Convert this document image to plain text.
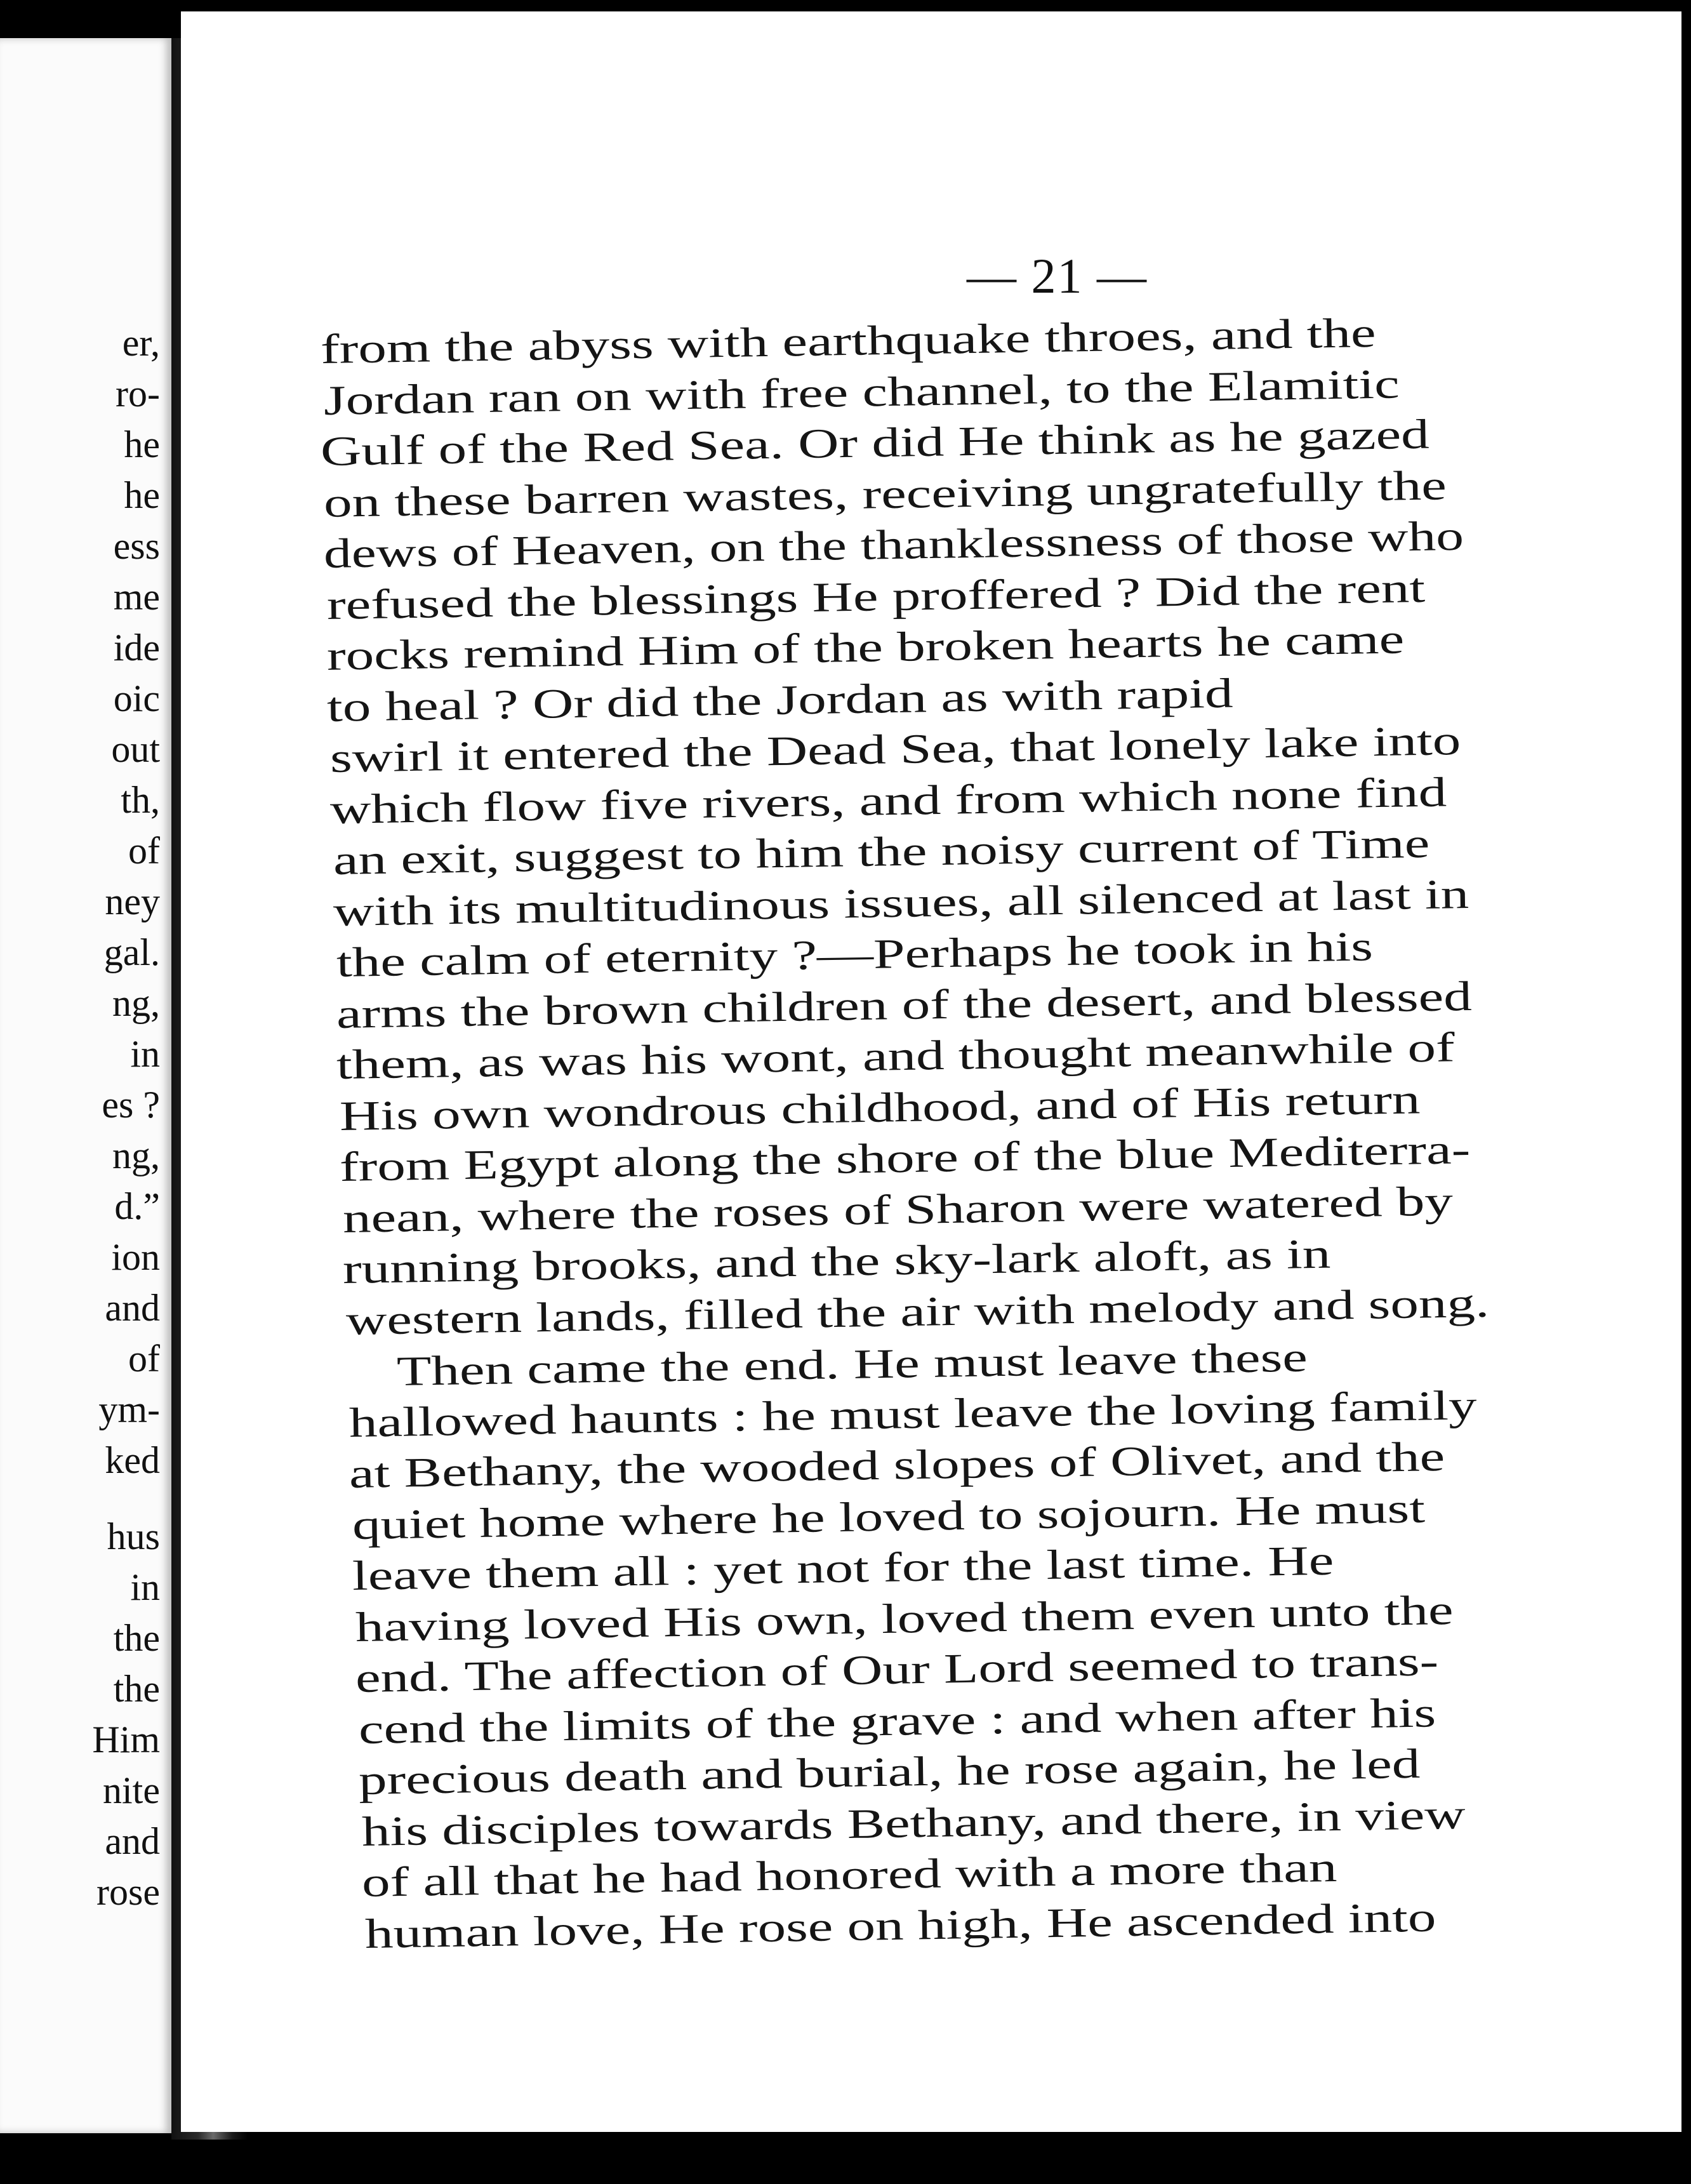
er,

ro-

he

he

ess

me

ide

oic

out

th,

of

ney

gal.

ng,

in

es ?

ng,

d.”

ion

and

of

ym-

ked

hus

in

the

the

Him

nite

and

rose

— 21 —

from the abyss with earthquake throes, and the

Jordan ran on with free channel, to the Elamitic

Gulf of the Red Sea. Or did He think as he gazed

on these barren wastes, receiving ungratefully the

dews of Heaven, on the thanklessness of those who

refused the blessings He proffered ? Did the rent

rocks remind Him of the broken hearts he came

to heal ? Or did the Jordan as with rapid

swirl it entered the Dead Sea, that lonely lake into

which flow five rivers, and from which none find

an exit, suggest to him the noisy current of Time

with its multitudinous issues, all silenced at last in

the calm of eternity ?—Perhaps he took in his

arms the brown children of the desert, and blessed

them, as was his wont, and thought meanwhile of

His own wondrous childhood, and of His return

from Egypt along the shore of the blue Mediterra-

nean, where the roses of Sharon were watered by

running brooks, and the sky-lark aloft, as in

western lands, filled the air with melody and song.

Then came the end. He must leave these

hallowed haunts : he must leave the loving family

at Bethany, the wooded slopes of Olivet, and the

quiet home where he loved to sojourn. He must

leave them all : yet not for the last time. He

having loved His own, loved them even unto the

end. The affection of Our Lord seemed to trans-

cend the limits of the grave : and when after his

precious death and burial, he rose again, he led

his disciples towards Bethany, and there, in view

of all that he had honored with a more than

human love, He rose on high, He ascended into
